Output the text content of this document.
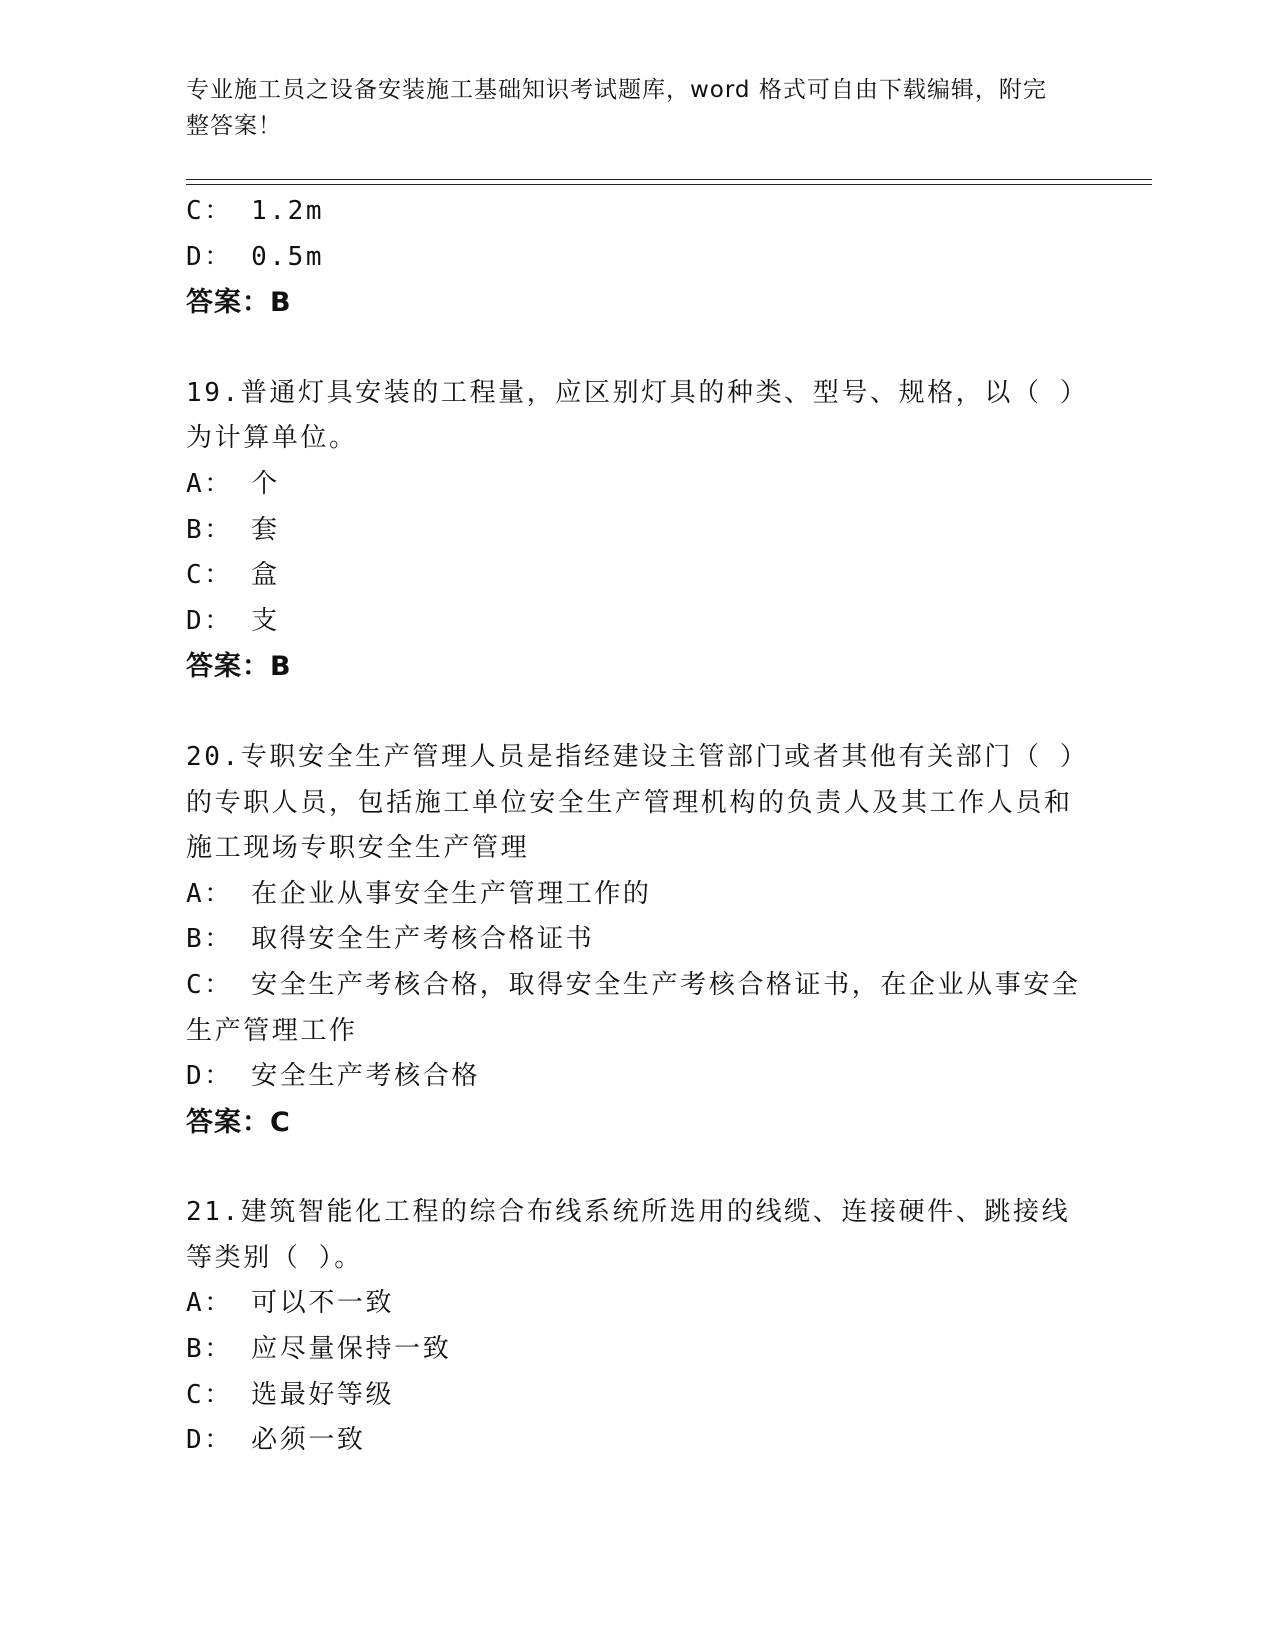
专业施工员之设备安装施工基础知识考试题库，word 格式可自由下载编辑，附完整答案！
C： 1.2m
D： 0.5m
答案：B
19.普通灯具安装的工程量，应区别灯具的种类、型号、规格，以（ ）为计算单位。
A： 个
B： 套
C： 盒
D： 支
答案：B
20.专职安全生产管理人员是指经建设主管部门或者其他有关部门（ ）的专职人员，包括施工单位安全生产管理机构的负责人及其工作人员和施工现场专职安全生产管理
A： 在企业从事安全生产管理工作的
B： 取得安全生产考核合格证书
C： 安全生产考核合格，取得安全生产考核合格证书，在企业从事安全生产管理工作
D： 安全生产考核合格
答案：C
21.建筑智能化工程的综合布线系统所选用的线缆、连接硬件、跳接线等类别（ ）。
A： 可以不一致
B： 应尽量保持一致
C： 选最好等级
D： 必须一致
